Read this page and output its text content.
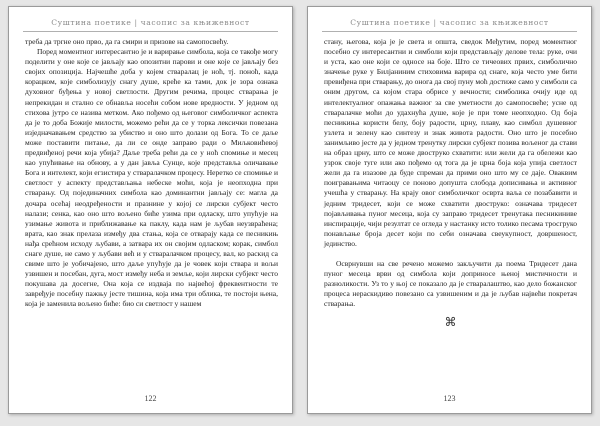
Суштина поетике | часопис за књижевност

треба да тргне оно прво, да га смири и призове на самопосвећу.

Поред моментног интересантно је и варирање симбола, која се такође могу поделити у оне које се јављају као опозитни парови и оне које се јављају без својих опозиција. Најчешће доба у којем стваралац је ноћ, тј. поноћ, када корацком, које симболизују снагу душе, креће ка тами, док је зора ознака духовног буђења у новој светлости. Другим речима, процес стварања је непрекидан и стално се обнавља носећи собом нове вредности. У једном од стихова јутро се назива метком. Ако пођемо од његовог симболичког аспекта да је то доба Божије милости, можемо рећи да се у торка лексички повезана изједначавањем средство за убиство и оно што долази од Бога. То се даље може поставити питање, да ли се онде заправо ради о Миљковићевој предвиђеној речи која убија? Даље треба рећи да се у ноћ спомиње и месец као упућивање на обнову, а у дан јавља Сунце, које представља оличавање Бога и интелект, који егзистира у стваралачком процесу. Нерeтко се спомиње и светлост у аспекту представљања небеске моћи, која је неопходна при стварању. Од појединачних симбола као доминантни јављају се: магла да дочара осећај неодређености и празнине у којој се лирски субјект често налази; сенка, као оно што вољено биће узима при одласку, што упућује на узимање живота и приближавање ка паклу, када нам је љубав неузвраћена; врата, као знак прелаза између два стања, која се отварају када се песникињ нађа срећном исходу љубави, а затвара их он својим одласком; корак, симбол снаге душе, не само у љубави већ и у стваралачком процесу, вал, ко раскид са свиме што је уобичајено, што даље упућује да је човек који ствара и вољи узвишен и посебан, дуга, мост између неба и земље, који лирски субјект често покушава да досегне, Она која се издваја по највећој фреквентности те завређује посебну пажњу јесте тишина, која има три облика, те постоји њена, која је заменила вољено биће: био си светлост у нашем

122
Суштина поетике | часопис за књижевност

стану, његова, која је је света и општа, сведок Међутим, поред моментног посебно су интересантни и симболи који представљају делове тела: руке, очи и уста, као оне који се односе на боје. Што се тичеових првих, симболично значење руке у Билјаниним стиховима варира од снаге, која често уме бити превиђена при стварању, до онога да свој пуну моћ достиже само у симболи са оним другом, са којом стара обрисе у вечности; симболика очију иде од интелектуалног опажања важног за све уметности до самопосвеће; усне од стваралачке моћи до удахнућа душе, које је при томе неопходно. Од боја песникиња користи белу, боју радости, црну, плаву, као симбол душевног узлета и зелену као синтезу и знак живота радости. Оно што је посебно занимљиво јесте да у једном тренутку лирски субјект позива вољеног да стави на образ црну, што се може двоструко схватити: или жели да га обележи као узрок своје туге или ако пођемо од тога да је црна боја која упија светлост жели да га изазове да буде спреман да прими оно што му се даје. Оваквим поигравањима читаоцу се поново допушта слобода дописивања и активног учешћа у стварању. На крају овог симболичког осврта ваља се позабавити и једним тридесет, који се може схватити двоструко: означава тридесет појављивања пуног месеца, која су заправо тридесет трeнутака песникиниве инспирације, чији резултат се огледа у настанку исто толико песама тросгруко понављање броја десет који по себи означава свеукупност, довршеност, јединство.

Осврнувши на све речено можемо закључити да поема Тридесет дана пуног месеца врви од симбола који доприносе њеној мистичности и разноликости. Уз то у њој се показало да је стваралаштво, као дело божанског процеса нераскидиво повезано са узвишеним и да је љубав највећи покретач стварања.

⌘
123
